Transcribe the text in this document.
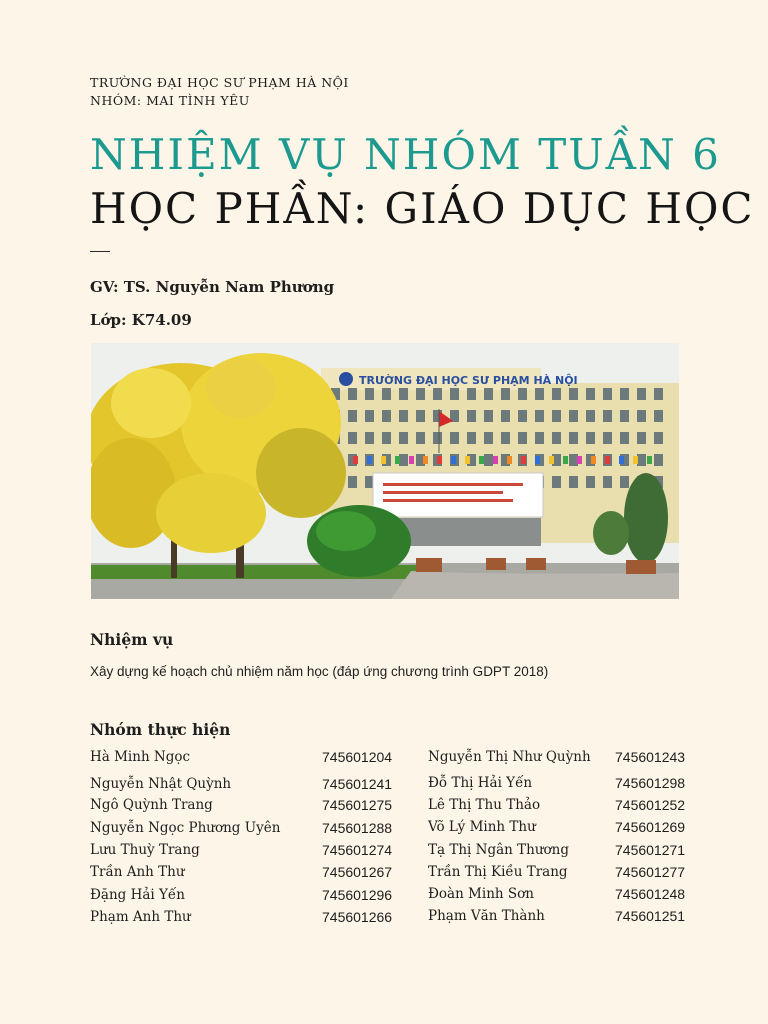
TRƯỜNG ĐẠI HỌC SƯ PHẠM HÀ NỘI
NHÓM: MAI TÌNH YÊU
NHIỆM VỤ NHÓM TUẦN 6
HỌC PHẦN: GIÁO DỤC HỌC
GV: TS. Nguyễn Nam Phương
Lớp: K74.09
TRƯỜNG ĐẠI HỌC SƯ PHẠM HÀ NỘI
Nhiệm vụ
Xây dựng kế hoạch chủ nhiệm năm học (đáp ứng chương trình GDPT 2018)
Nhóm thực hiện
Hà Minh Ngọc	745601204
Nguyễn Nhật Quỳnh	745601241
Ngô Quỳnh Trang	745601275
Nguyễn Ngọc Phương Uyên	745601288
Lưu Thuỳ Trang	745601274
Trần Anh Thư	745601267
Đặng Hải Yến	745601296
Phạm Anh Thư	745601266
Nguyễn Thị Như Quỳnh 745601243
Đỗ Thị Hải Yến	745601298
Lê Thị Thu Thảo	745601252
Võ Lý Minh Thư	745601269
Tạ Thị Ngân Thương	745601271
Trần Thị Kiều Trang	745601277
Đoàn Minh Sơn	745601248
Phạm Văn Thành	745601251
